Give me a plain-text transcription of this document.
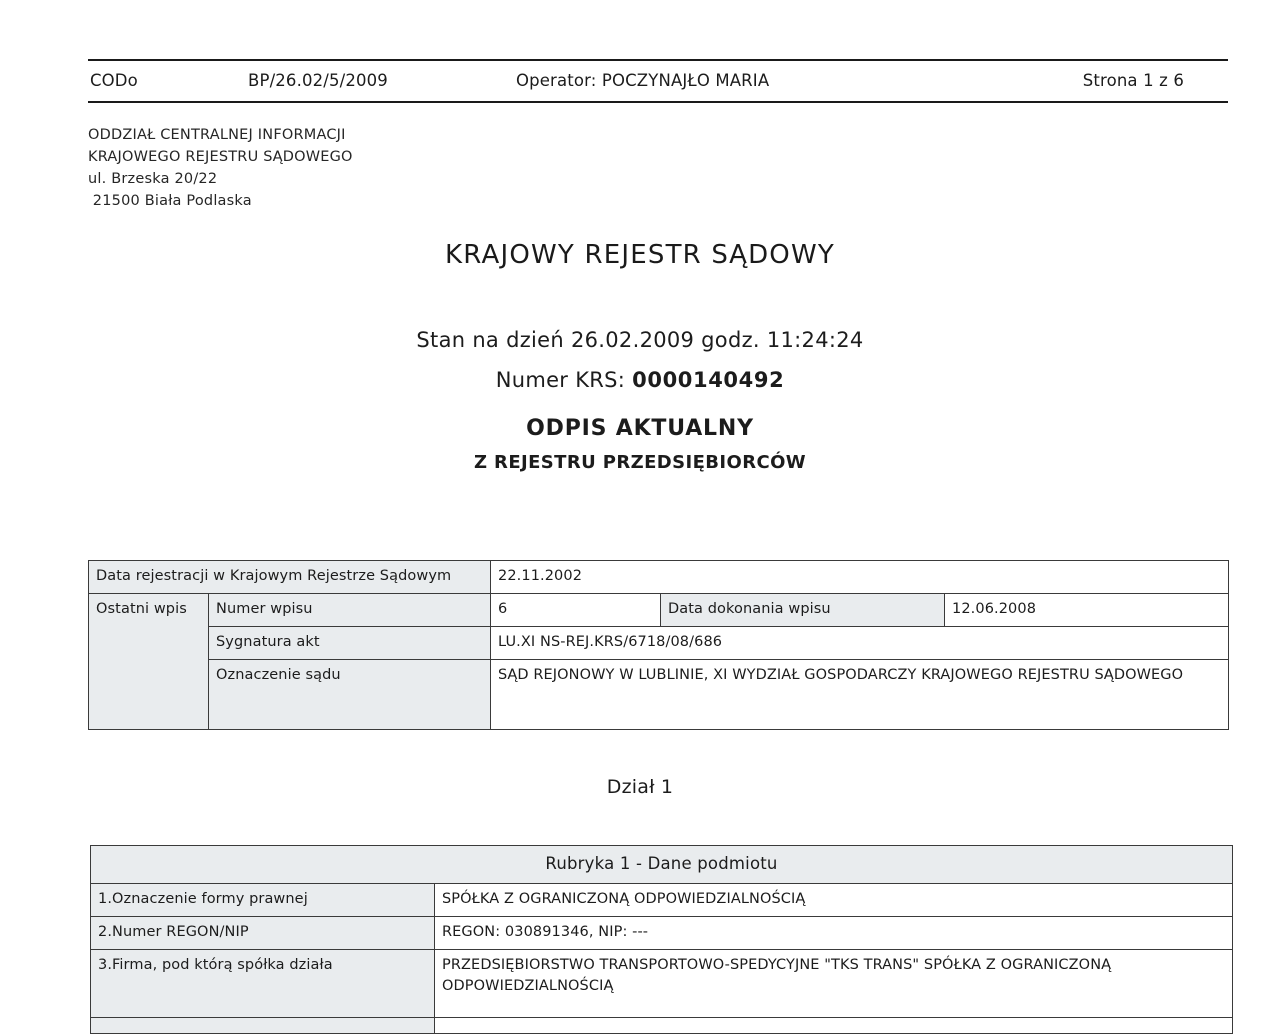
CODo	BP/26.02/5/2009	Operator: POCZYNAJŁO MARIA	Strona 1 z 6
ODDZIAŁ CENTRALNEJ INFORMACJI
KRAJOWEGO REJESTRU SĄDOWEGO
ul. Brzeska 20/22
21500 Biała Podlaska
KRAJOWY REJESTR SĄDOWY
Stan na dzień 26.02.2009 godz. 11:24:24
Numer KRS: 0000140492
ODPIS AKTUALNY
Z REJESTRU PRZEDSIĘBIORCÓW
Data rejestracji w Krajowym Rejestrze Sądowym		22.11.2002		
Ostatni wpis	Numer wpisu	6	Data dokonania wpisu	12.06.2008
	Sygnatura akt	LU.XI NS-REJ.KRS/6718/08/686		
	Oznaczenie sądu	SĄD REJONOWY W LUBLINIE, XI WYDZIAŁ GOSPODARCZY KRAJOWEGO REJESTRU SĄDOWEGO		
Dział 1
Rubryka 1 - Dane podmiotu	
1.Oznaczenie formy prawnej	SPÓŁKA Z OGRANICZONĄ ODPOWIEDZIALNOŚCIĄ
2.Numer REGON/NIP	REGON: 030891346, NIP: ---
3.Firma, pod którą spółka działa	PRZEDSIĘBIORSTWO TRANSPORTOWO-SPEDYCYJNE "TKS TRANS" SPÓŁKA Z OGRANICZONĄ ODPOWIEDZIALNOŚCIĄ
